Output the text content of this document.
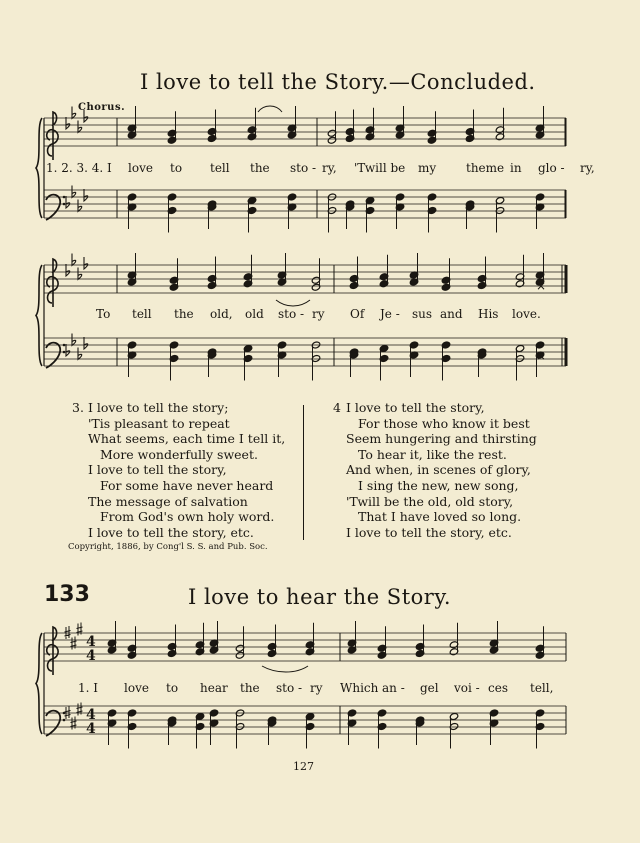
4
4
4
4
×
×
I love to tell the Story.—Concluded.
Chorus.
1. 2. 3. 4. I love to tell the sto - ry, 'Twill be my theme in glo - ry,
To tell the old, old sto - ry Of Je - sus and His love.
1. I love to hear the sto - ry Which an - gel voi - ces tell,
3. I love to tell the story;
'Tis pleasant to repeat
What seems, each time I tell it,
More wonderfully sweet.
I love to tell the story,
For some have never heard
The message of salvation
From God's own holy word.
I love to tell the story, etc.
4 I love to tell the story,
For those who know it best
Seem hungering and thirsting
To hear it, like the rest.
And when, in scenes of glory,
I sing the new, new song,
'Twill be the old, old story,
That I have loved so long.
I love to tell the story, etc.
Copyright, 1886, by Cong'l S. S. and Pub. Soc.
133	I love to hear the Story.
127
